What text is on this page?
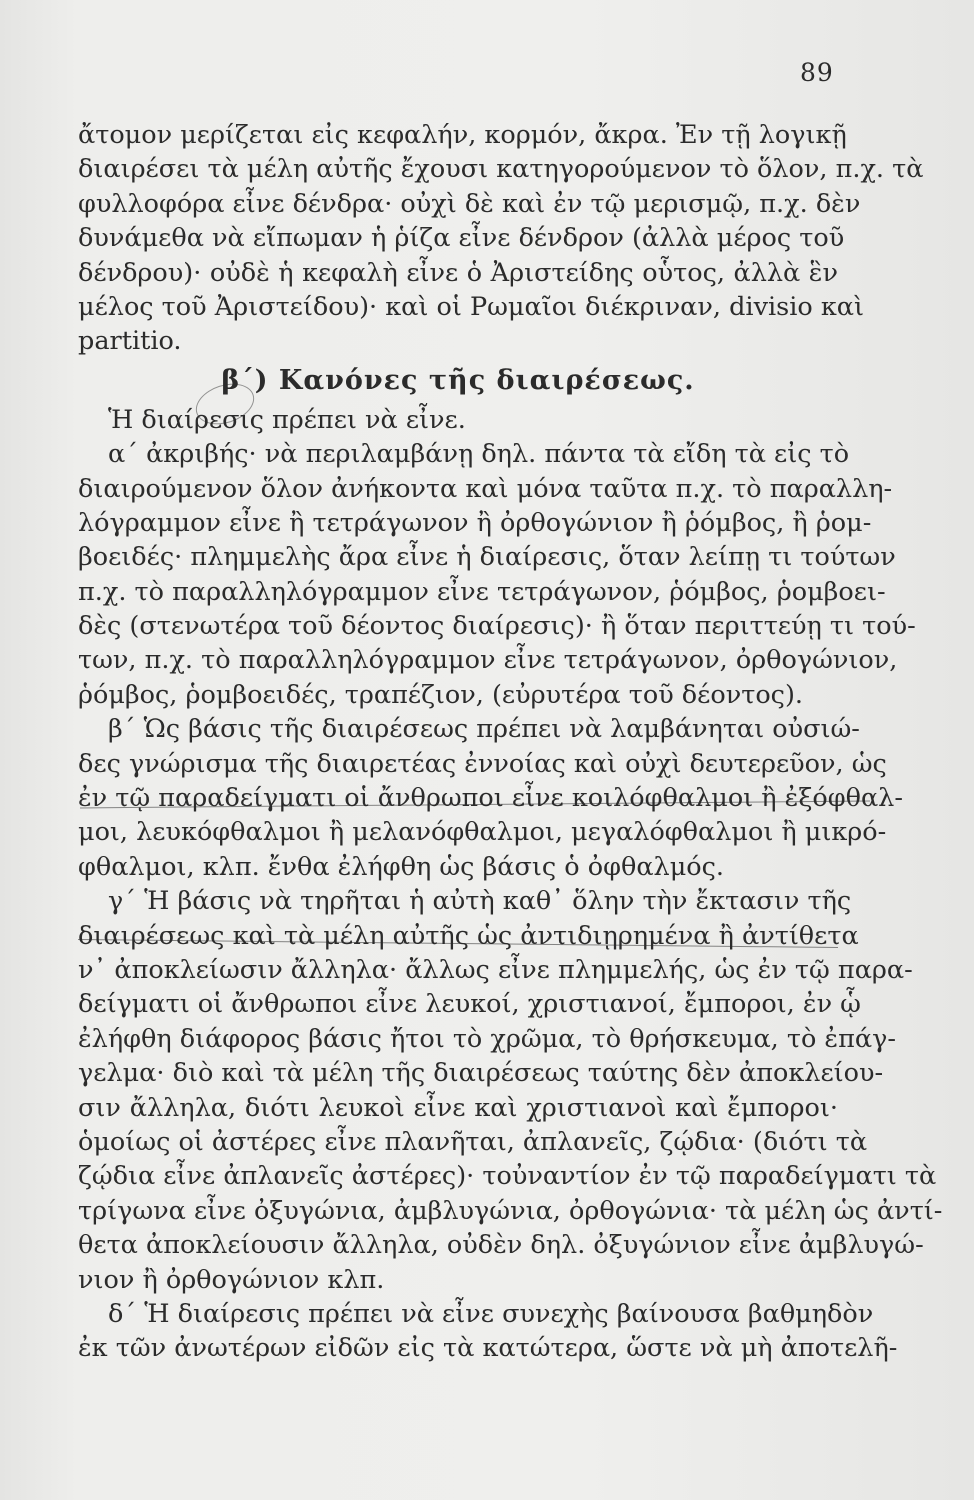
89
ἄτομον μερίζεται εἰς κεφαλήν, κορμόν, ἄκρα. Ἐν τῇ λογικῇ
διαιρέσει τὰ μέλη αὐτῆς ἔχουσι κατηγορούμενον τὸ ὅλον, π.χ. τὰ
φυλλοφόρα εἶνε δένδρα· οὐχὶ δὲ καὶ ἐν τῷ μερισμῷ, π.χ. δὲν
δυνάμεθα νὰ εἴπωμαν ἡ ῥίζα εἶνε δένδρον (ἀλλὰ μέρος τοῦ
δένδρου)· οὐδὲ ἡ κεφαλὴ εἶνε ὁ Ἀριστείδης οὗτος, ἀλλὰ ἓν
μέλος τοῦ Ἀριστείδου)· καὶ οἱ Ρωμαῖοι διέκριναν, divisio καὶ
partitio.
β΄) Κανόνες τῆς διαιρέσεως.
Ἡ διαίρεσις πρέπει νὰ εἶνε.
α΄ ἀκριβής· νὰ περιλαμβάνῃ δηλ. πάντα τὰ εἴδη τὰ εἰς τὸ
διαιρούμενον ὅλον ἀνήκοντα καὶ μόνα ταῦτα π.χ. τὸ παραλλη-
λόγραμμον εἶνε ἢ τετράγωνον ἢ ὀρθογώνιον ἢ ῥόμβος, ἢ ῥομ-
βοειδές· πλημμελὴς ἄρα εἶνε ἡ διαίρεσις, ὅταν λείπῃ τι τούτων
π.χ. τὸ παραλληλόγραμμον εἶνε τετράγωνον, ῥόμβος, ῥομβοει-
δὲς (στενωτέρα τοῦ δέοντος διαίρεσις)· ἢ ὅταν περιττεύῃ τι τού-
των, π.χ. τὸ παραλληλόγραμμον εἶνε τετράγωνον, ὀρθογώνιον,
ῥόμβος, ῥομβοειδές, τραπέζιον, (εὐρυτέρα τοῦ δέοντος).
β΄ Ὡς βάσις τῆς διαιρέσεως πρέπει νὰ λαμβάνηται οὐσιώ-
δες γνώρισμα τῆς διαιρετέας ἐννοίας καὶ οὐχὶ δευτερεῦον, ὡς
ἐν τῷ παραδείγματι οἱ ἄνθρωποι εἶνε κοιλόφθαλμοι ἢ ἐξόφθαλ-
μοι, λευκόφθαλμοι ἢ μελανόφθαλμοι, μεγαλόφθαλμοι ἢ μικρό-
φθαλμοι, κλπ. ἔνθα ἐλήφθη ὡς βάσις ὁ ὀφθαλμός.
γ΄ Ἡ βάσις νὰ τηρῆται ἡ αὐτὴ καθ᾽ ὅλην τὴν ἔκτασιν τῆς
διαιρέσεως καὶ τὰ μέλη αὐτῆς ὡς ἀντιδιῃρημένα ἢ ἀντίθετα
ν᾽ ἀποκλείωσιν ἄλληλα· ἄλλως εἶνε πλημμελής, ὡς ἐν τῷ παρα-
δείγματι οἱ ἄνθρωποι εἶνε λευκοί, χριστιανοί, ἔμποροι, ἐν ᾧ
ἐλήφθη διάφορος βάσις ἤτοι τὸ χρῶμα, τὸ θρήσκευμα, τὸ ἐπάγ-
γελμα· διὸ καὶ τὰ μέλη τῆς διαιρέσεως ταύτης δὲν ἀποκλείου-
σιν ἄλληλα, διότι λευκοὶ εἶνε καὶ χριστιανοὶ καὶ ἔμποροι·
ὁμοίως οἱ ἀστέρες εἶνε πλανῆται, ἀπλανεῖς, ζῴδια· (διότι τὰ
ζῴδια εἶνε ἀπλανεῖς ἀστέρες)· τοὐναντίον ἐν τῷ παραδείγματι τὰ
τρίγωνα εἶνε ὀξυγώνια, ἀμβλυγώνια, ὀρθογώνια· τὰ μέλη ὡς ἀντί-
θετα ἀποκλείουσιν ἄλληλα, οὐδὲν δηλ. ὀξυγώνιον εἶνε ἀμβλυγώ-
νιον ἢ ὀρθογώνιον κλπ.
δ΄ Ἡ διαίρεσις πρέπει νὰ εἶνε συνεχὴς βαίνουσα βαθμηδὸν
ἐκ τῶν ἀνωτέρων εἰδῶν εἰς τὰ κατώτερα, ὥστε νὰ μὴ ἀποτελῆ-
